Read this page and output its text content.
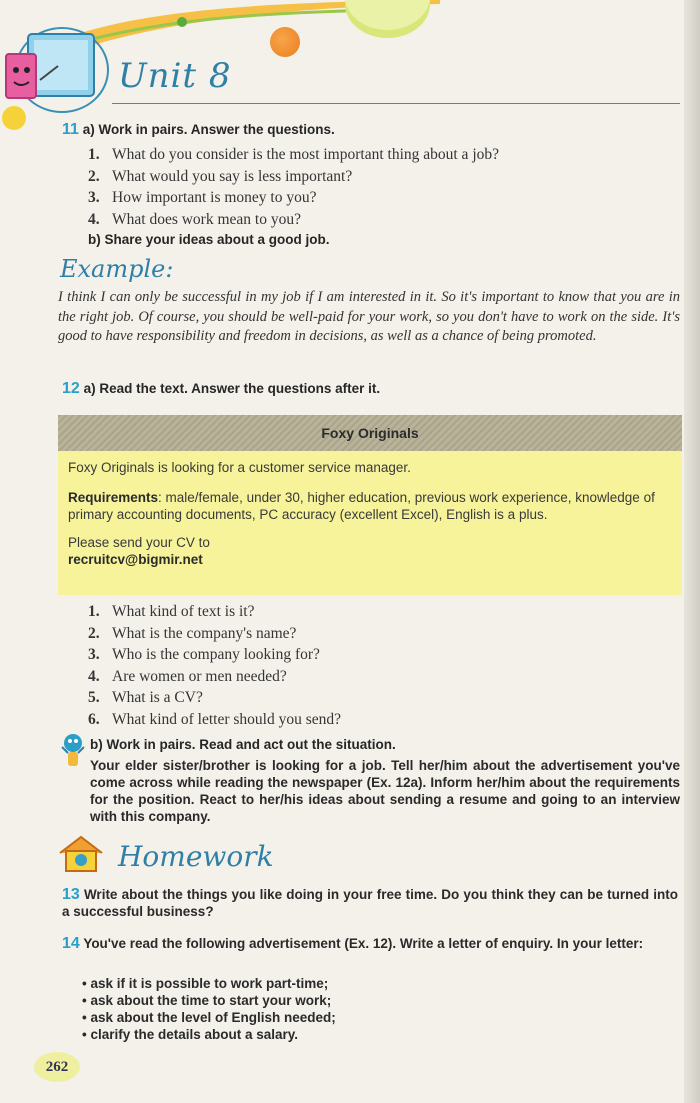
Unit 8
11 a) Work in pairs. Answer the questions.
1. What do you consider is the most important thing about a job?
2. What would you say is less important?
3. How important is money to you?
4. What does work mean to you?
b) Share your ideas about a good job.
Example:
I think I can only be successful in my job if I am interested in it. So it's important to know that you are in the right job. Of course, you should be well-paid for your work, so you don't have to work on the side. It's good to have responsibility and freedom in decisions, as well as a chance of being promoted.
12 a) Read the text. Answer the questions after it.
Foxy Originals
Foxy Originals is looking for a customer service manager.
Requirements: male/female, under 30, higher education, previous work experience, knowledge of primary accounting documents, PC accuracy (excellent Excel), English is a plus.
Please send your CV to
recruitcv@bigmir.net
1. What kind of text is it?
2. What is the company's name?
3. Who is the company looking for?
4. Are women or men needed?
5. What is a CV?
6. What kind of letter should you send?
b) Work in pairs. Read and act out the situation.
Your elder sister/brother is looking for a job. Tell her/him about the advertisement you've come across while reading the newspaper (Ex. 12a). Inform her/him about the requirements for the position. React to her/his ideas about sending a resume and going to an interview with this company.
Homework
13 Write about the things you like doing in your free time. Do you think they can be turned into a successful business?
14 You've read the following advertisement (Ex. 12). Write a letter of enquiry. In your letter:
• ask if it is possible to work part-time;
• ask about the time to start your work;
• ask about the level of English needed;
• clarify the details about a salary.
262
